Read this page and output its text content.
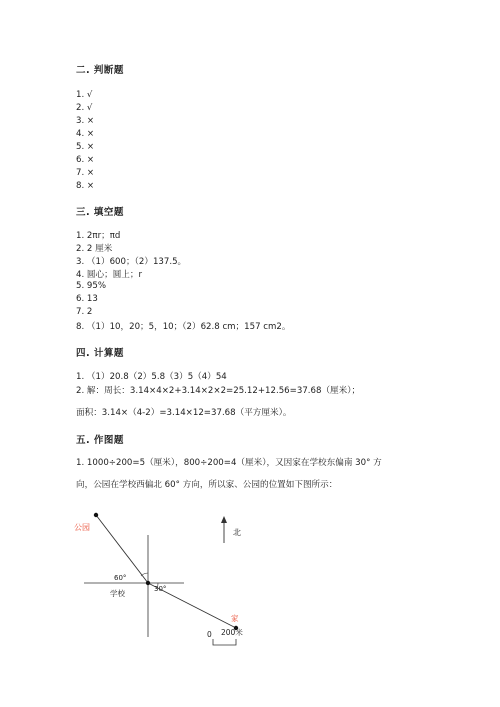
二. 判断题
1. √
2. √
3. ×
4. ×
5. ×
6. ×
7. ×
8. ×
三. 填空题
1. 2πr；πd
2. 2 厘米
3. （1）600；（2）137.5。
4. 圆心；圆上；r
5. 95%
6. 13
7. 2
8. （1）10，20；5，10；（2）62.8 cm；157 cm2。
四. 计算题
1. （1）20.8（2）5.8（3）5（4）54
2. 解：周长：3.14×4×2+3.14×2×2=25.12+12.56=37.68（厘米）；
面积：3.14×（4-2）=3.14×12=37.68（平方厘米）。
五. 作图题
1. 1000÷200=5（厘米），800÷200=4（厘米），又因家在学校东偏南 30° 方
向，公园在学校西偏北 60° 方向，所以家、公园的位置如下图所示：
公园
60°
30°
学校
家
北
0 200米
